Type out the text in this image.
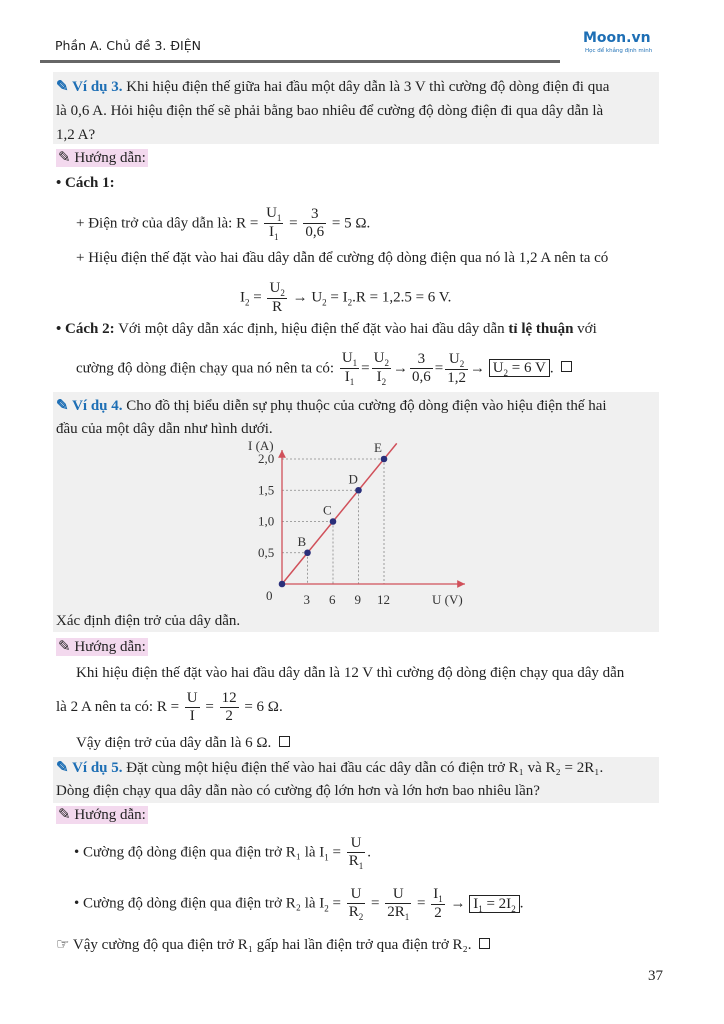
Phần A. Chủ đề 3. ĐIỆN	Moon.vn
Học để khẳng định mình
✎ Ví dụ 3. Khi hiệu điện thế giữa hai đầu một dây dẫn là 3 V thì cường độ dòng điện đi qua
là 0,6 A. Hỏi hiệu điện thế sẽ phải bằng bao nhiêu để cường độ dòng điện đi qua dây dẫn là
1,2 A?
✎ Hướng dẫn:
• Cách 1:
+ Điện trở của dây dẫn là: $R = \frac{U_1}{I_1} = \frac{3}{0,6} = 5$ Ω.
+ Hiệu điện thế đặt vào hai đầu dây dẫn để cường độ dòng điện qua nó là 1,2 A nên ta có
$I_2 = \frac{U_2}{R} \to U_2 = I_2.R = 1,2.5 = 6$ V.
• Cách 2: Với một dây dẫn xác định, hiệu điện thế đặt vào hai đầu dây dẫn tỉ lệ thuận với
cường độ dòng điện chạy qua nó nên ta có: $\frac{U_1}{I_1} = \frac{U_2}{I_2} \to \frac{3}{0,6} = \frac{U_2}{1,2} \to U_2 = 6$ V .
✎ Ví dụ 4. Cho đồ thị biểu diễn sự phụ thuộc của cường độ dòng điện vào hiệu điện thế hai
đầu của một dây dẫn như hình dưới.
I (A)
U (V)
0
B
C
D
E
3 6 9 12
0,5
1,0
1,5
2,0
Xác định điện trở của dây dẫn.
✎ Hướng dẫn:
Khi hiệu điện thế đặt vào hai đầu dây dẫn là 12 V thì cường độ dòng điện chạy qua dây dẫn
là 2 A nên ta có: $R = \frac{U}{I} = \frac{12}{2} = 6$ Ω.
Vậy điện trở của dây dẫn là 6 Ω.
✎ Ví dụ 5. Đặt cùng một hiệu điện thế vào hai đầu các dây dẫn có điện trở R₁ và R₂ = 2R₁.
Dòng điện chạy qua dây dẫn nào có cường độ lớn hơn và lớn hơn bao nhiêu lần?
✎ Hướng dẫn:
• Cường độ dòng điện qua điện trở R₁ là $I_1 = \frac{U}{R_1}$ .
• Cường độ dòng điện qua điện trở R₂ là $I_2 = \frac{U}{R_2} = \frac{U}{2R_1} = \frac{I_1}{2} \to I_1 = 2I_2$ .
☞ Vậy cường độ qua điện trở R₁ gấp hai lần điện trở qua điện trở R₂.
37
